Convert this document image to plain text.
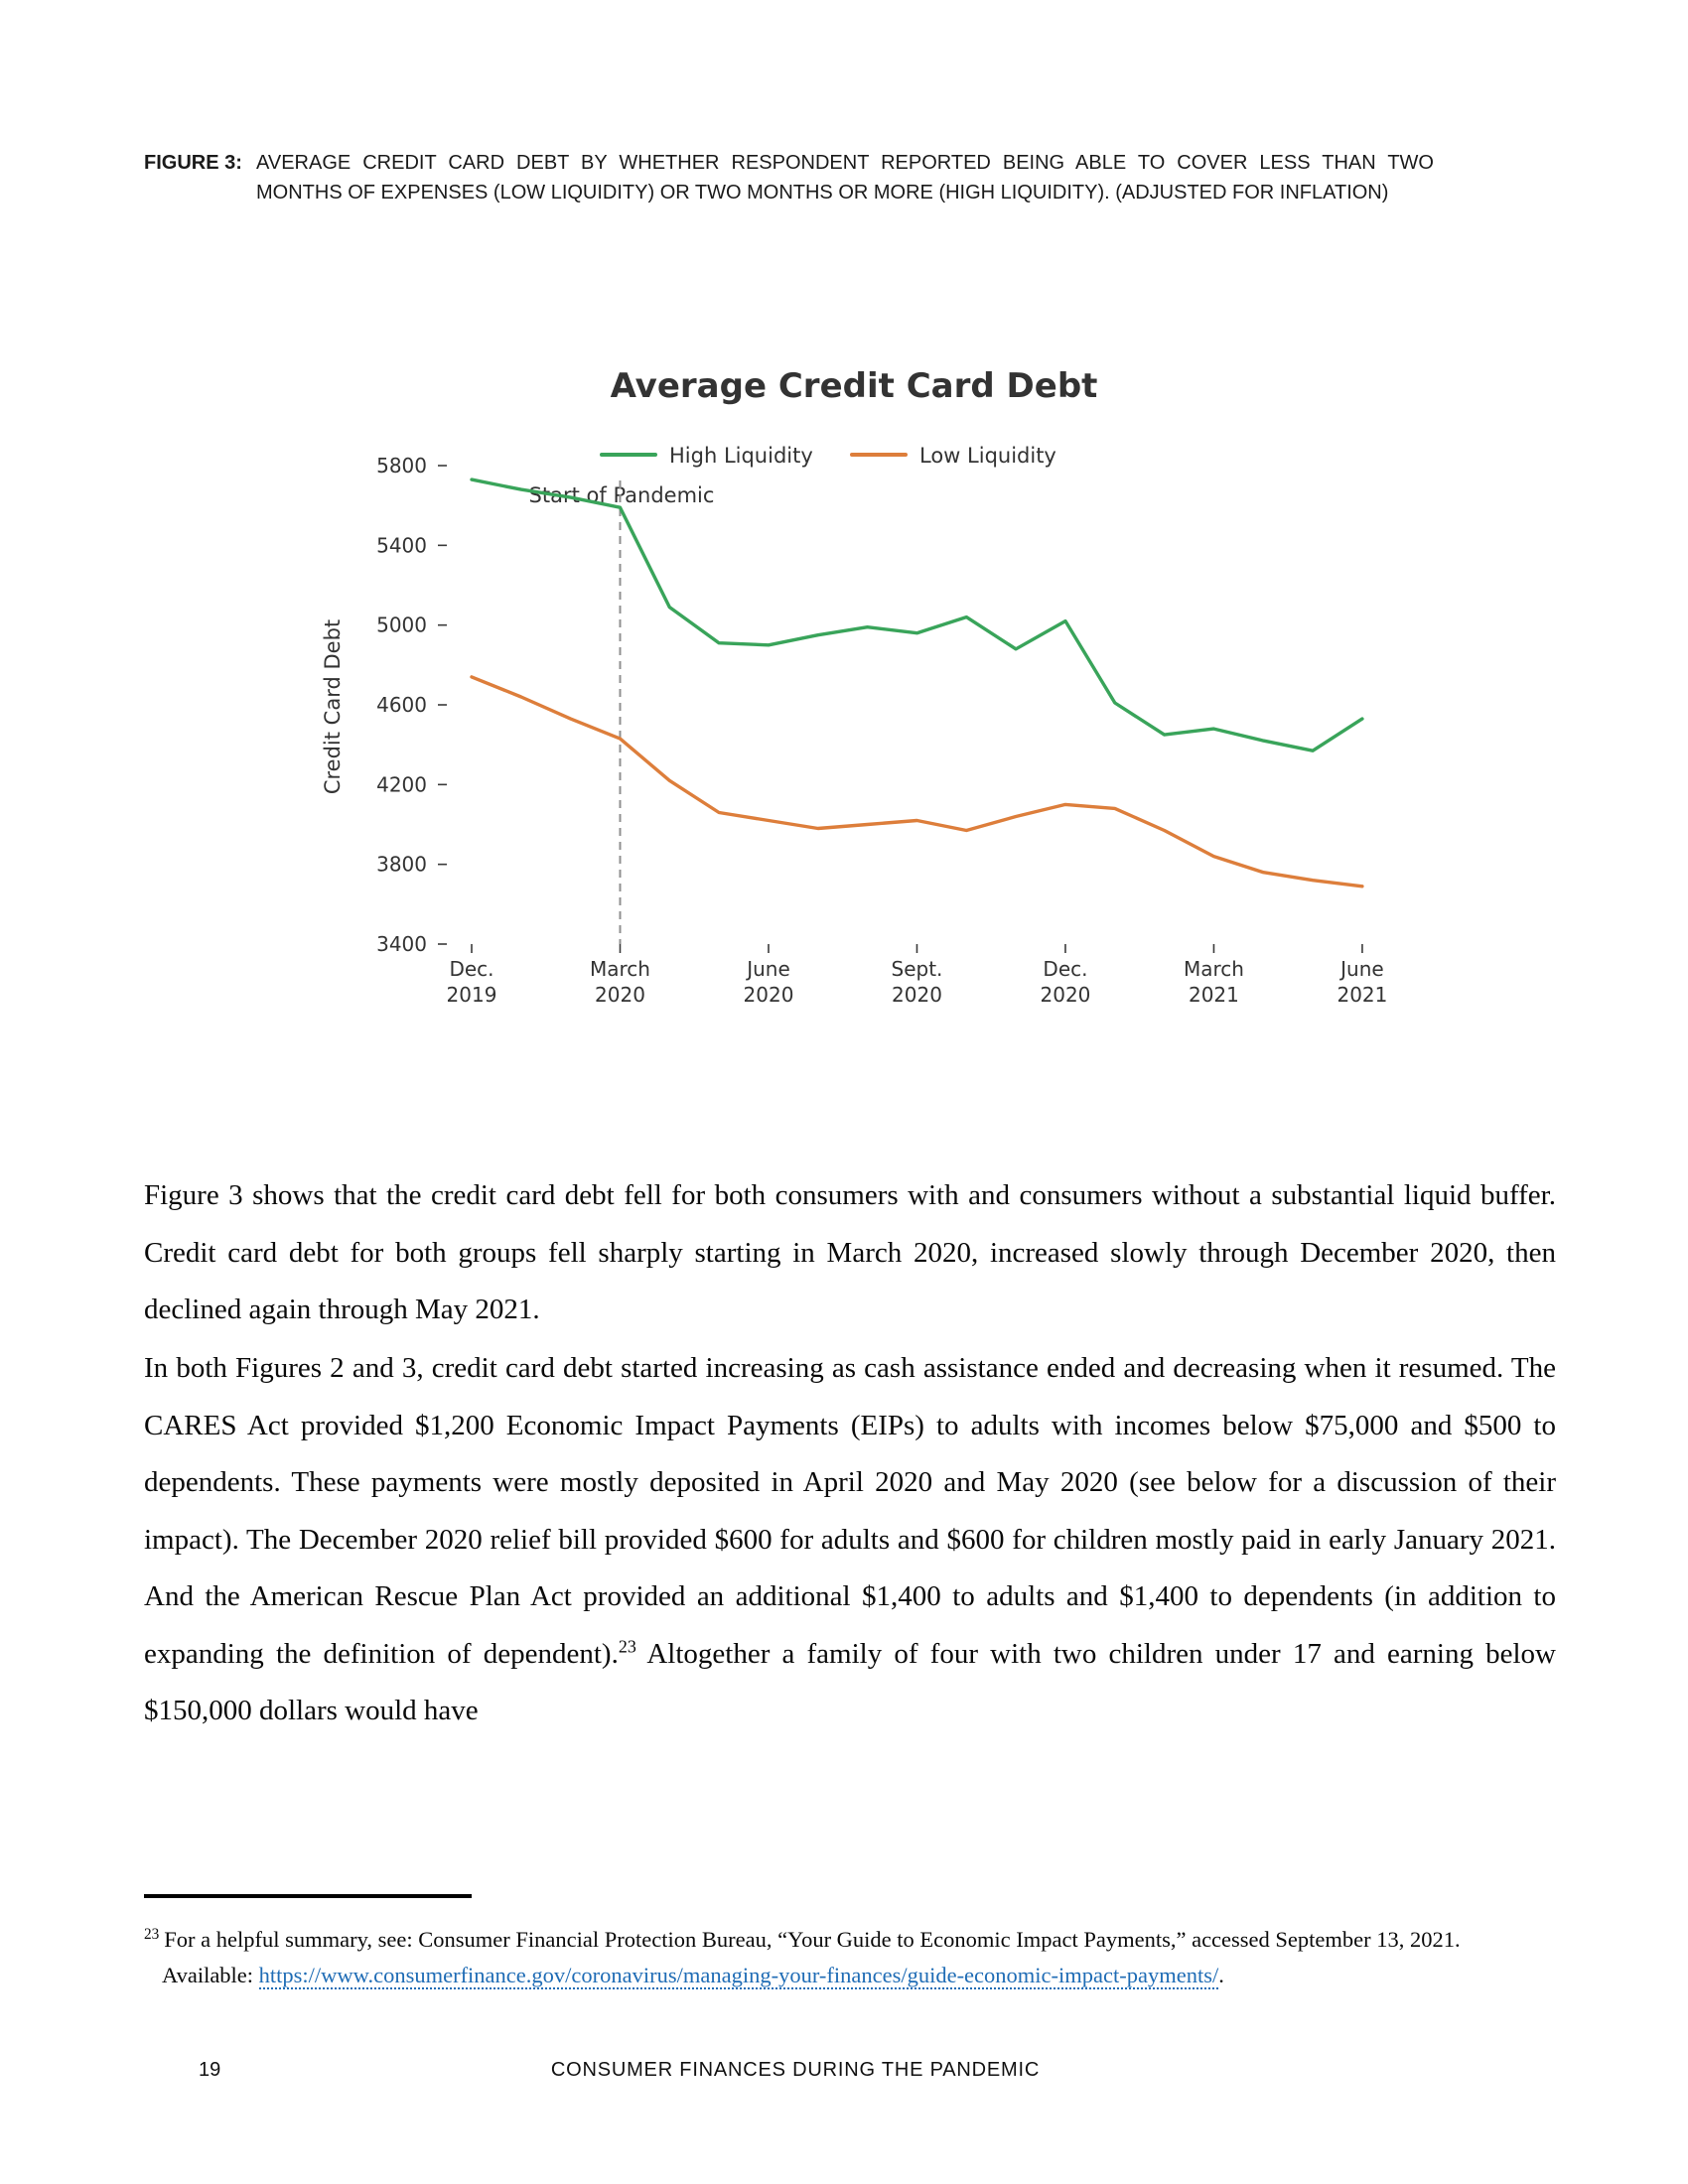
FIGURE 3: AVERAGE CREDIT CARD DEBT BY WHETHER RESPONDENT REPORTED BEING ABLE TO COVER LESS THAN TWO MONTHS OF EXPENSES (LOW LIQUIDITY) OR TWO MONTHS OR MORE (HIGH LIQUIDITY). (ADJUSTED FOR INFLATION)
Average Credit Card Debt
High Liquidity	Low Liquidity
Start of Pandemic
Credit Card Debt
5800
5400
5000
4600
4200
3800
3400
Dec.
2019
March
2020
June
2020
Sept.
2020
Dec.
2020
March
2021
June
2021

Figure 3 shows that the credit card debt fell for both consumers with and consumers without a substantial liquid buffer. Credit card debt for both groups fell sharply starting in March 2020, increased slowly through December 2020, then declined again through May 2021.

In both Figures 2 and 3, credit card debt started increasing as cash assistance ended and decreasing when it resumed. The CARES Act provided $1,200 Economic Impact Payments (EIPs) to adults with incomes below $75,000 and $500 to dependents. These payments were mostly deposited in April 2020 and May 2020 (see below for a discussion of their impact). The December 2020 relief bill provided $600 for adults and $600 for children mostly paid in early January 2021. And the American Rescue Plan Act provided an additional $1,400 to adults and $1,400 to dependents (in addition to expanding the definition of dependent).$^{23}$ Altogether a family of four with two children under 17 and earning below $150,000 dollars would have

$^{23}$ For a helpful summary, see: Consumer Financial Protection Bureau, “Your Guide to Economic Impact Payments,” accessed September 13, 2021. Available: https://www.consumerfinance.gov/coronavirus/managing-your-finances/guide-economic-impact-payments/.

19	CONSUMER FINANCES DURING THE PANDEMIC
